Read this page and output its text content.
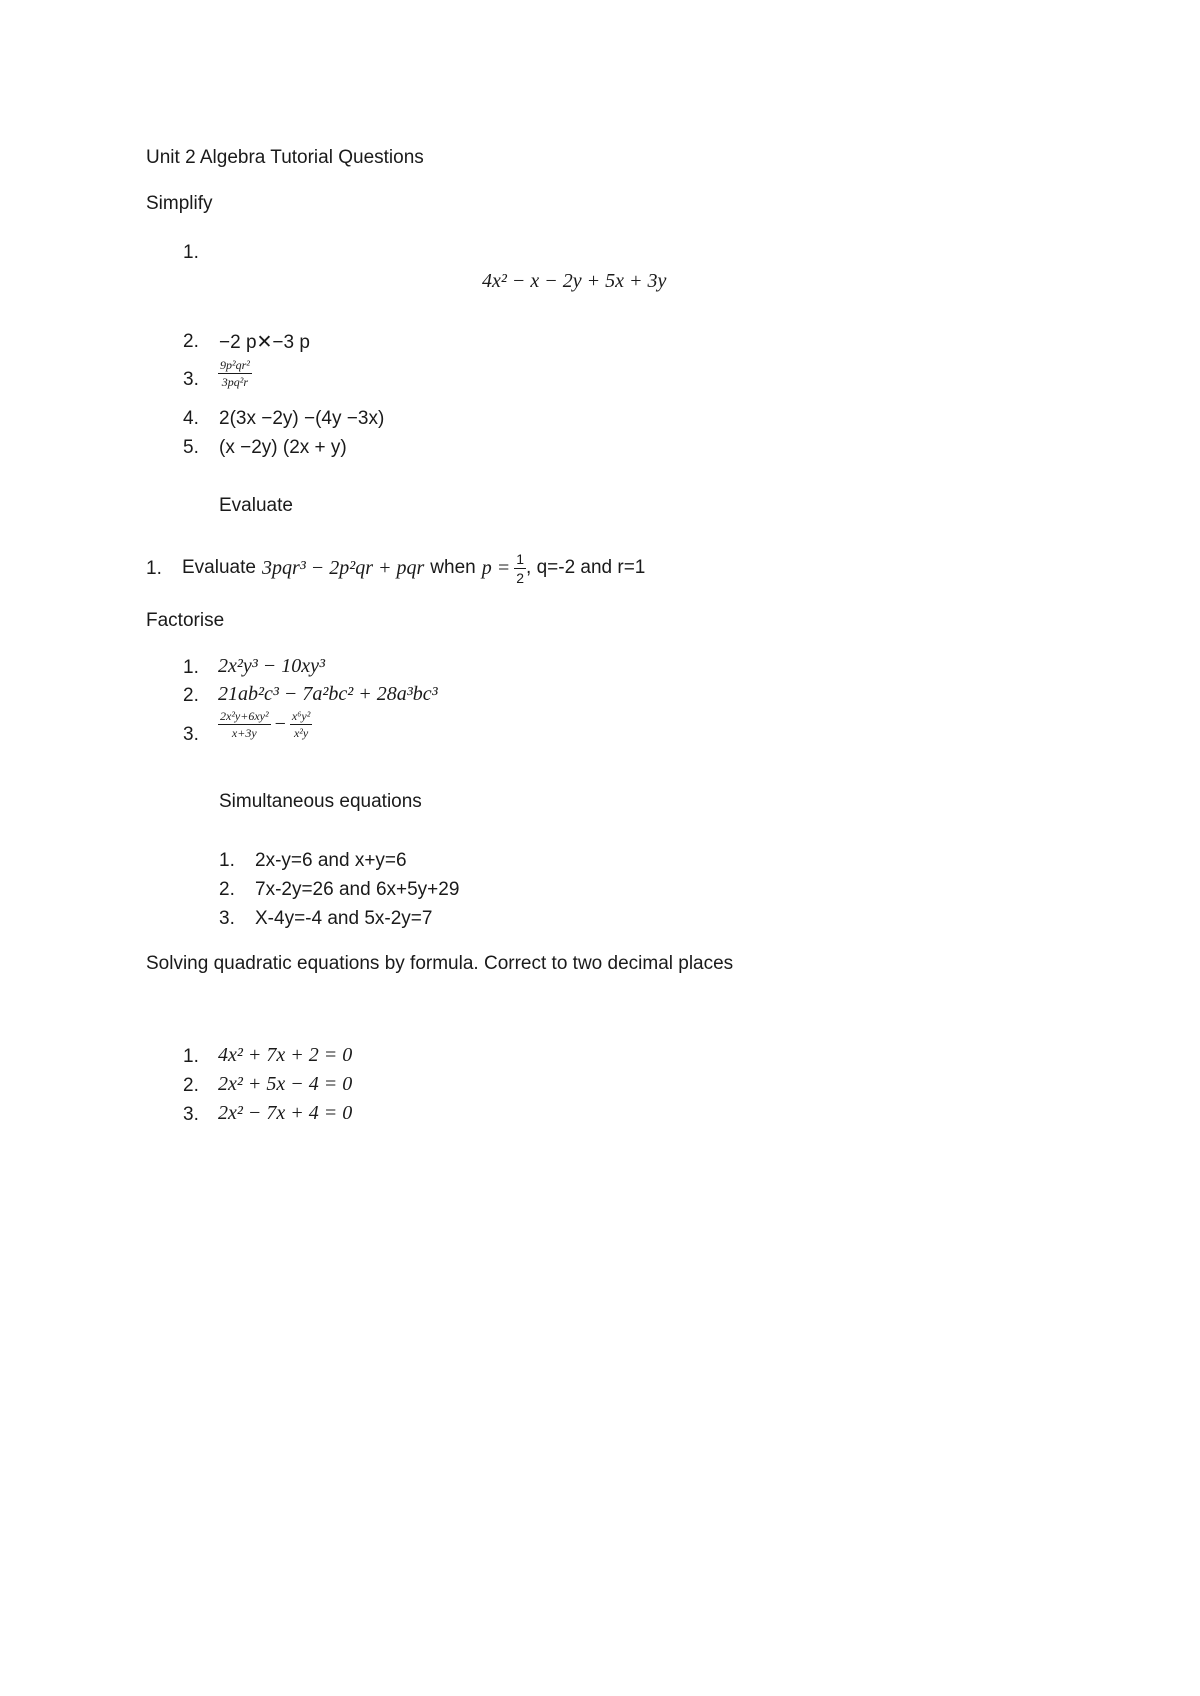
Unit 2 Algebra Tutorial Questions
Simplify
1.
4x² − x − 2y + 5x + 3y
2. −2 p✕−3 p
3. $\frac{\text{9p²qr²}}{\text{3pq²r}}$
4. 2(3x −2y) −(4y −3x)
5. (x −2y) (2x + y)
Evaluate
1. Evaluate 3pqr³ − 2p²qr + pqr when $p = \frac{1}{2}$ , q=-2 and r=1
Factorise
1. 2x²y³ − 10xy³
2. 21ab²c³ − 7a²bc² + 28a³bc³
3. $\frac{\text{2x²y+6xy²}}{x+3y} - \frac{\text{x⁶y²}}{\text{x²y}}$
Simultaneous equations
1. 2x-y=6 and x+y=6
2. 7x-2y=26 and 6x+5y+29
3. X-4y=-4 and 5x-2y=7
Solving quadratic equations by formula. Correct to two decimal places
1. 4x² + 7x + 2 = 0
2. 2x² + 5x − 4 = 0
3. 2x² − 7x + 4 = 0
